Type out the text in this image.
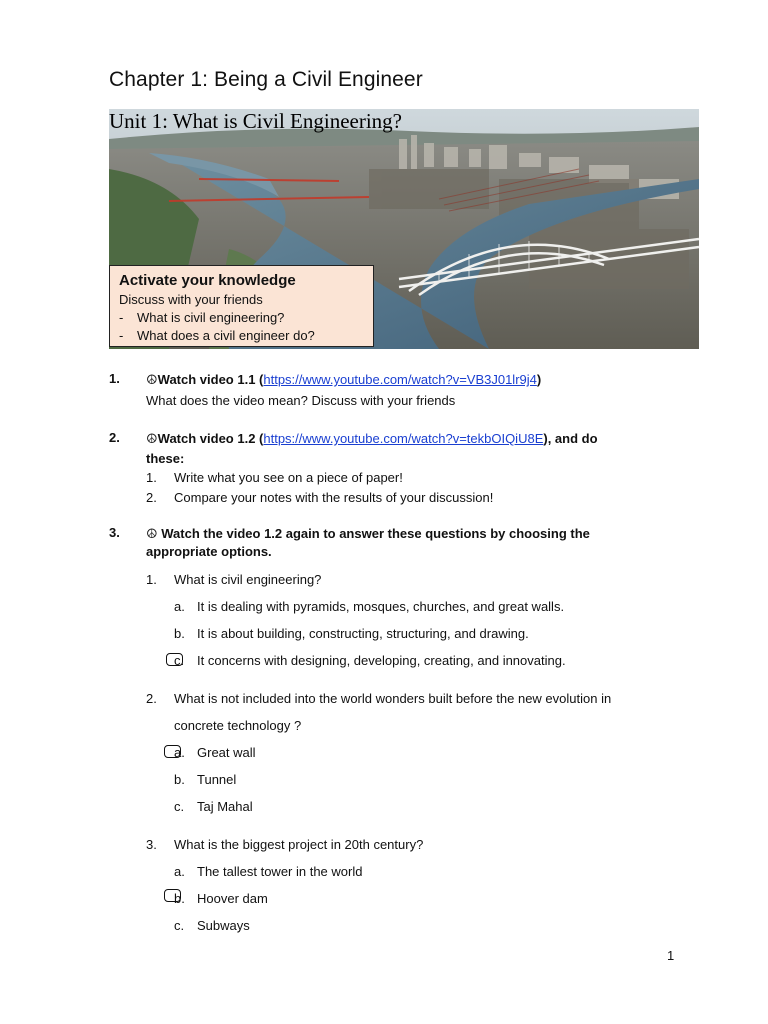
Chapter 1: Being a Civil Engineer
Unit 1: What is Civil Engineering?
Activate your knowledge
Discuss with your friends
-	What is civil engineering?
-	What does a civil engineer do?
1. ☮Watch video 1.1 (https://www.youtube.com/watch?v=VB3J01lr9j4)
What does the video mean? Discuss with your friends
2. ☮Watch video 1.2 (https://www.youtube.com/watch?v=tekbOIQiU8E), and do
these:
1. Write what you see on a piece of paper!
2. Compare your notes with the results of your discussion!
3. ☮ Watch the video 1.2 again to answer these questions by choosing the
appropriate options.
1. What is civil engineering?
a. It is dealing with pyramids, mosques, churches, and great walls.
b. It is about building, constructing, structuring, and drawing.
c. It concerns with designing, developing, creating, and innovating.
2. What is not included into the world wonders built before the new evolution in
concrete technology ?
a. Great wall
b. Tunnel
c. Taj Mahal
3. What is the biggest project in 20th century?
a. The tallest tower in the world
b. Hoover dam
c. Subways
1
